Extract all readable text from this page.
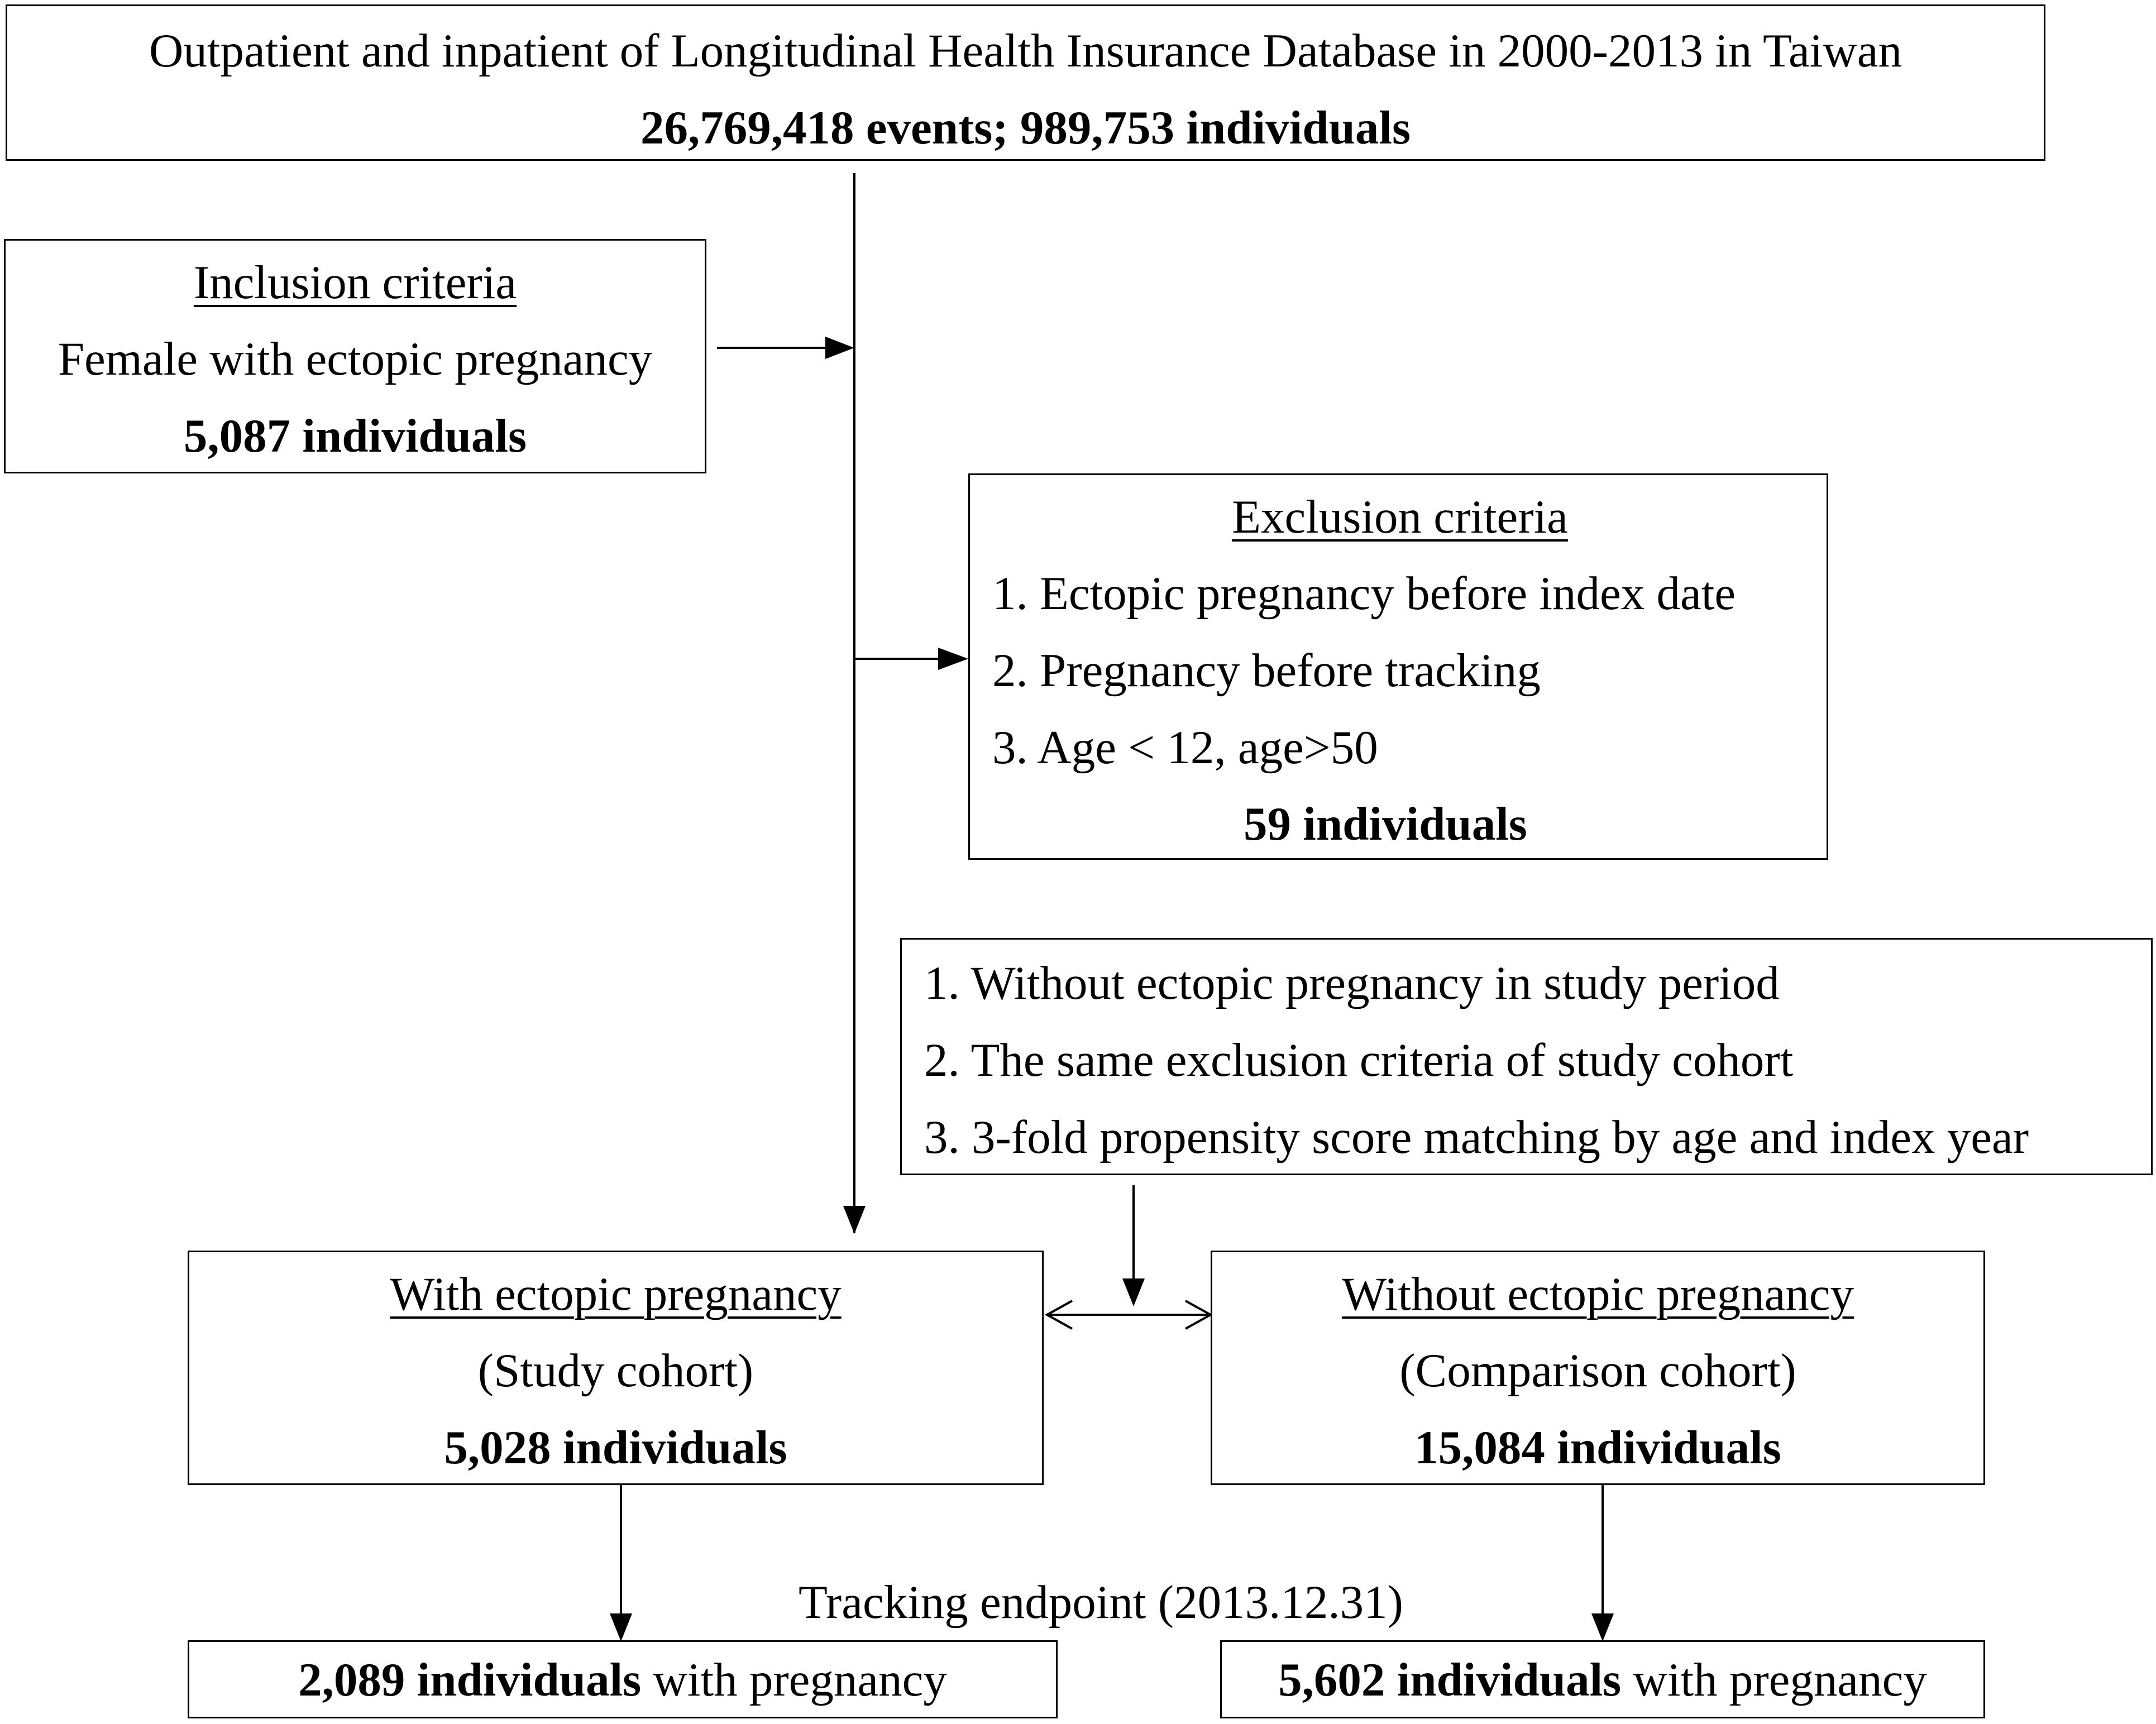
Outpatient and inpatient of Longitudinal Health Insurance Database in 2000-2013 in Taiwan
26,769,418 events; 989,753 individuals
Inclusion criteria
Female with ectopic pregnancy
5,087 individuals
Exclusion criteria
1. Ectopic pregnancy before index date
2. Pregnancy before tracking
3. Age < 12, age>50
59 individuals
1. Without ectopic pregnancy in study period
2. The same exclusion criteria of study cohort
3. 3-fold propensity score matching by age and index year
With ectopic pregnancy
(Study cohort)
5,028 individuals
Without ectopic pregnancy
(Comparison cohort)
15,084 individuals
Tracking endpoint (2013.12.31)
2,089 individuals with pregnancy	5,602 individuals with pregnancy
